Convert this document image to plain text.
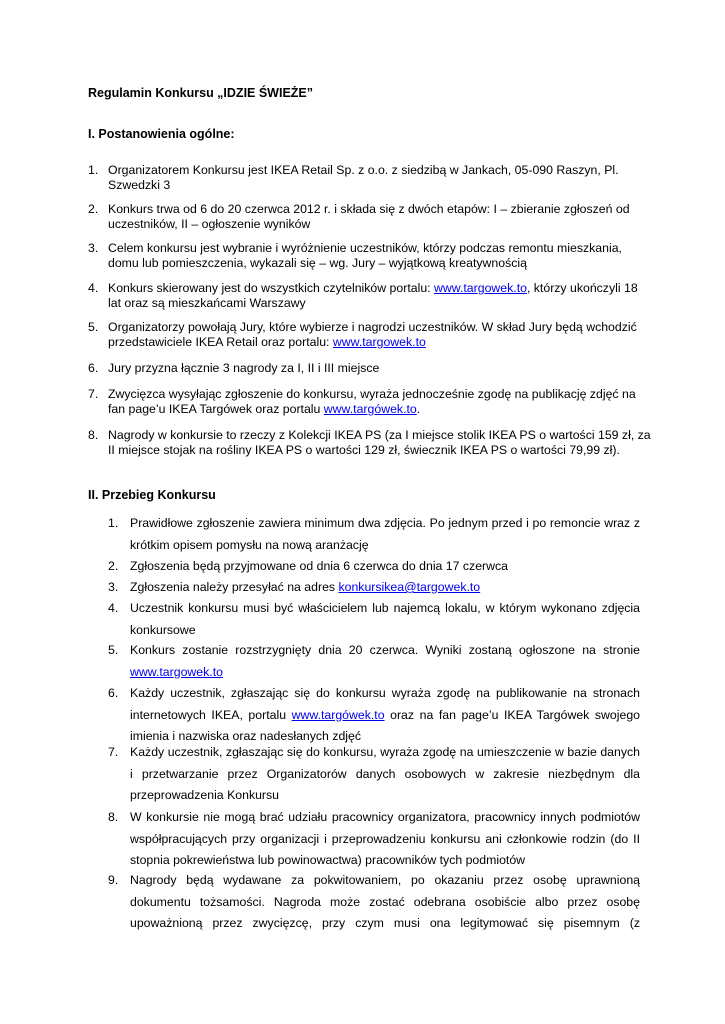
Regulamin Konkursu „IDZIE ŚWIEŻE”
I. Postanowienia ogólne:
1. Organizatorem Konkursu jest IKEA Retail Sp. z o.o. z siedzibą w Jankach, 05-090 Raszyn, Pl. Szwedzki 3
2. Konkurs trwa od 6 do 20 czerwca 2012 r. i składa się z dwóch etapów: I – zbieranie zgłoszeń od uczestników, II – ogłoszenie wyników
3. Celem konkursu jest wybranie i wyróżnienie uczestników, którzy podczas remontu mieszkania, domu lub pomieszczenia, wykazali się – wg. Jury – wyjątkową kreatywnością
4. Konkurs skierowany jest do wszystkich czytelników portalu: www.targowek.to, którzy ukończyli 18 lat oraz są mieszkańcami Warszawy
5. Organizatorzy powołają Jury, które wybierze i nagrodzi uczestników. W skład Jury będą wchodzić przedstawiciele IKEA Retail oraz portalu: www.targowek.to
6. Jury przyzna łącznie 3 nagrody za I, II i III miejsce
7. Zwycięzca wysyłając zgłoszenie do konkursu, wyraża jednocześnie zgodę na publikację zdjęć na fan page’u IKEA Targówek oraz portalu www.targówek.to.
8. Nagrody w konkursie to rzeczy z Kolekcji IKEA PS (za I miejsce stolik IKEA PS o wartości 159 zł, za II miejsce stojak na rośliny IKEA PS o wartości 129 zł, świecznik IKEA PS o wartości 79,99 zł).
II. Przebieg Konkursu
1. Prawidłowe zgłoszenie zawiera minimum dwa zdjęcia. Po jednym przed i po remoncie wraz z krótkim opisem pomysłu na nową aranżację
2. Zgłoszenia będą przyjmowane od dnia 6 czerwca do dnia 17 czerwca
3. Zgłoszenia należy przesyłać na adres konkursikea@targowek.to
4. Uczestnik konkursu musi być właścicielem lub najemcą lokalu, w którym wykonano zdjęcia konkursowe
5. Konkurs zostanie rozstrzygnięty dnia 20 czerwca. Wyniki zostaną ogłoszone na stronie www.targowek.to
6. Każdy uczestnik, zgłaszając się do konkursu wyraża zgodę na publikowanie na stronach internetowych IKEA, portalu www.targówek.to oraz na fan page’u IKEA Targówek swojego imienia i nazwiska oraz nadesłanych zdjęć
7. Każdy uczestnik, zgłaszając się do konkursu, wyraża zgodę na umieszczenie w bazie danych i przetwarzanie przez Organizatorów danych osobowych w zakresie niezbędnym dla przeprowadzenia Konkursu
8. W konkursie nie mogą brać udziału pracownicy organizatora, pracownicy innych podmiotów współpracujących przy organizacji i przeprowadzeniu konkursu ani członkowie rodzin (do II stopnia pokrewieństwa lub powinowactwa) pracowników tych podmiotów
9. Nagrody będą wydawane za pokwitowaniem, po okazaniu przez osobę uprawnioną dokumentu tożsamości. Nagroda może zostać odebrana osobiście albo przez osobę upoważnioną przez zwycięzcę, przy czym musi ona legitymować się pisemnym (z
